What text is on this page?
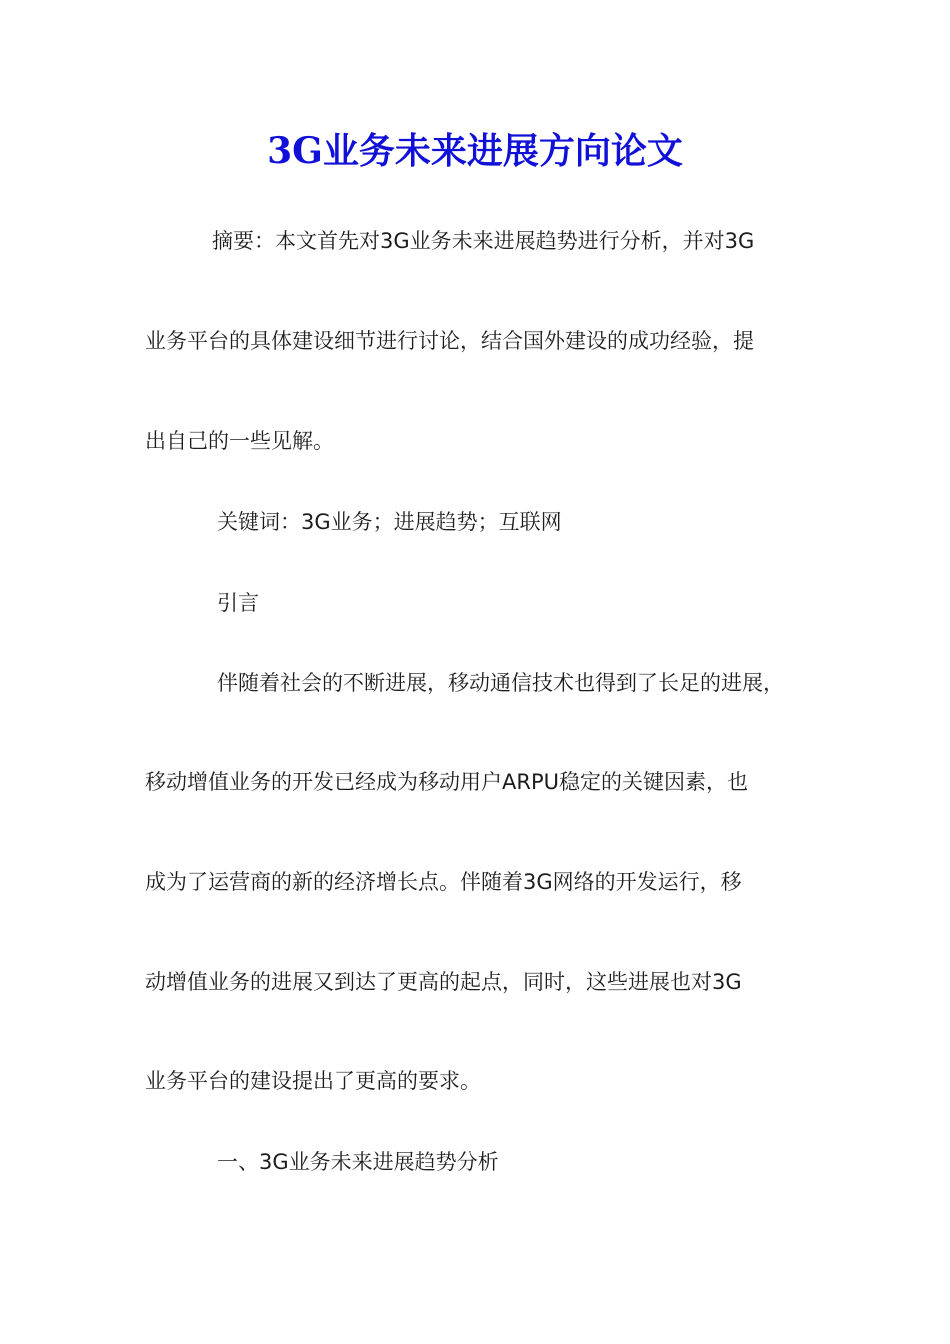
3G业务未来进展方向论文
摘要：本文首先对3G业务未来进展趋势进行分析，并对3G
业务平台的具体建设细节进行讨论，结合国外建设的成功经验，提
出自己的一些见解。
关键词：3G业务；进展趋势；互联网
引言
伴随着社会的不断进展，移动通信技术也得到了长足的进展，
移动增值业务的开发已经成为移动用户ARPU稳定的关键因素，也
成为了运营商的新的经济增长点。伴随着3G网络的开发运行，移
动增值业务的进展又到达了更高的起点，同时，这些进展也对3G
业务平台的建设提出了更高的要求。
一、3G业务未来进展趋势分析
